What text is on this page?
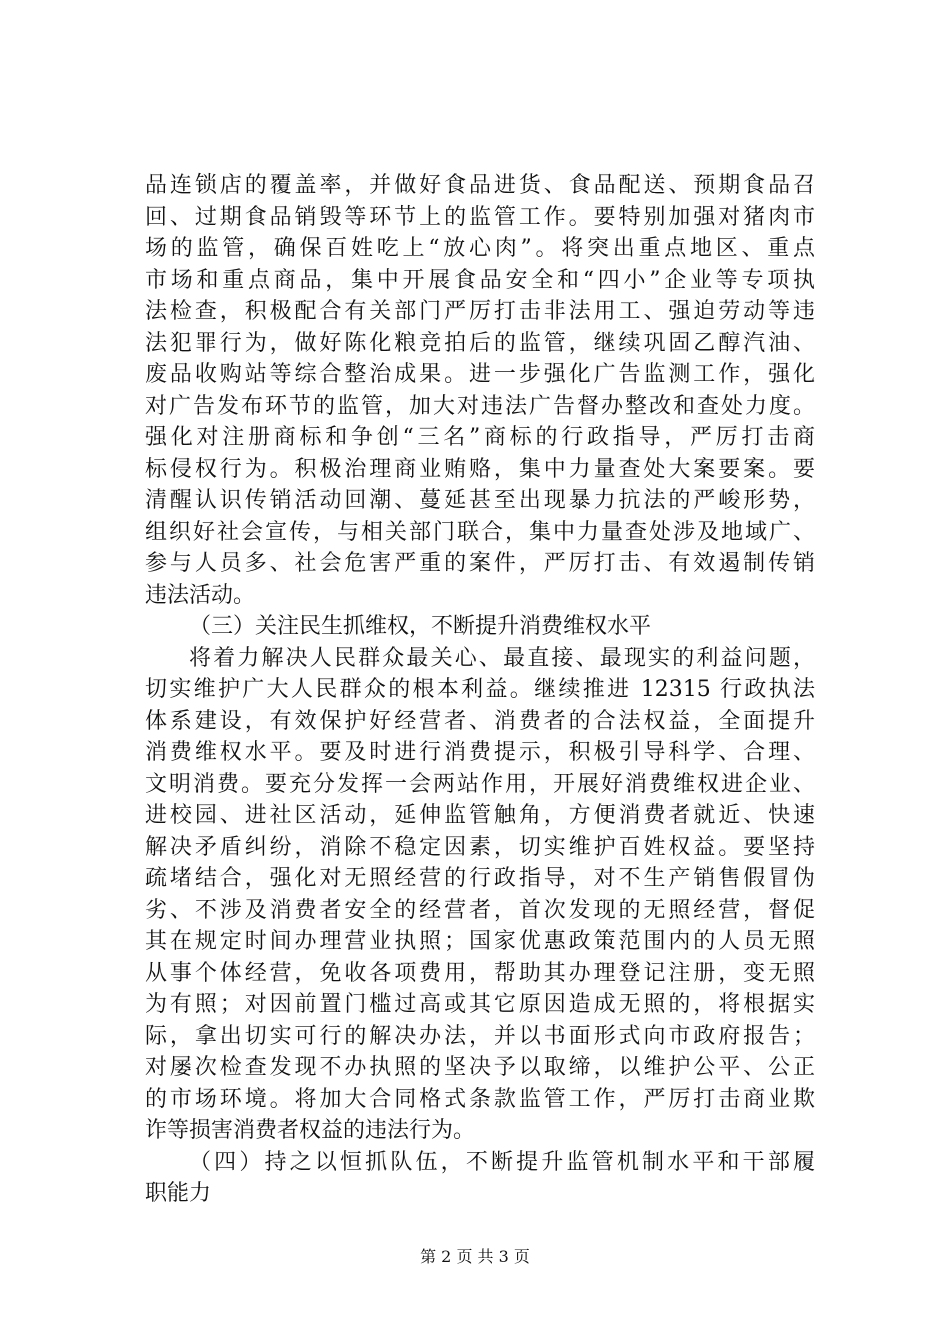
品连锁店的覆盖率，并做好食品进货、食品配送、预期食品召
回、过期食品销毁等环节上的监管工作。要特别加强对猪肉市
场的监管，确保百姓吃上“放心肉”。将突出重点地区、重点
市场和重点商品，集中开展食品安全和“四小”企业等专项执
法检查，积极配合有关部门严厉打击非法用工、强迫劳动等违
法犯罪行为，做好陈化粮竞拍后的监管，继续巩固乙醇汽油、
废品收购站等综合整治成果。进一步强化广告监测工作，强化
对广告发布环节的监管，加大对违法广告督办整改和查处力度。
强化对注册商标和争创“三名”商标的行政指导，严厉打击商
标侵权行为。积极治理商业贿赂，集中力量查处大案要案。要
清醒认识传销活动回潮、蔓延甚至出现暴力抗法的严峻形势，
组织好社会宣传，与相关部门联合，集中力量查处涉及地域广、
参与人员多、社会危害严重的案件，严厉打击、有效遏制传销
违法活动。
（三）关注民生抓维权，不断提升消费维权水平
将着力解决人民群众最关心、最直接、最现实的利益问题，
切实维护广大人民群众的根本利益。继续推进 12315 行政执法
体系建设，有效保护好经营者、消费者的合法权益，全面提升
消费维权水平。要及时进行消费提示，积极引导科学、合理、
文明消费。要充分发挥一会两站作用，开展好消费维权进企业、
进校园、进社区活动，延伸监管触角，方便消费者就近、快速
解决矛盾纠纷，消除不稳定因素，切实维护百姓权益。要坚持
疏堵结合，强化对无照经营的行政指导，对不生产销售假冒伪
劣、不涉及消费者安全的经营者，首次发现的无照经营，督促
其在规定时间办理营业执照；国家优惠政策范围内的人员无照
从事个体经营，免收各项费用，帮助其办理登记注册，变无照
为有照；对因前置门槛过高或其它原因造成无照的，将根据实
际，拿出切实可行的解决办法，并以书面形式向市政府报告；
对屡次检查发现不办执照的坚决予以取缔，以维护公平、公正
的市场环境。将加大合同格式条款监管工作，严厉打击商业欺
诈等损害消费者权益的违法行为。
（四）持之以恒抓队伍，不断提升监管机制水平和干部履
职能力
第 2 页 共 3 页
